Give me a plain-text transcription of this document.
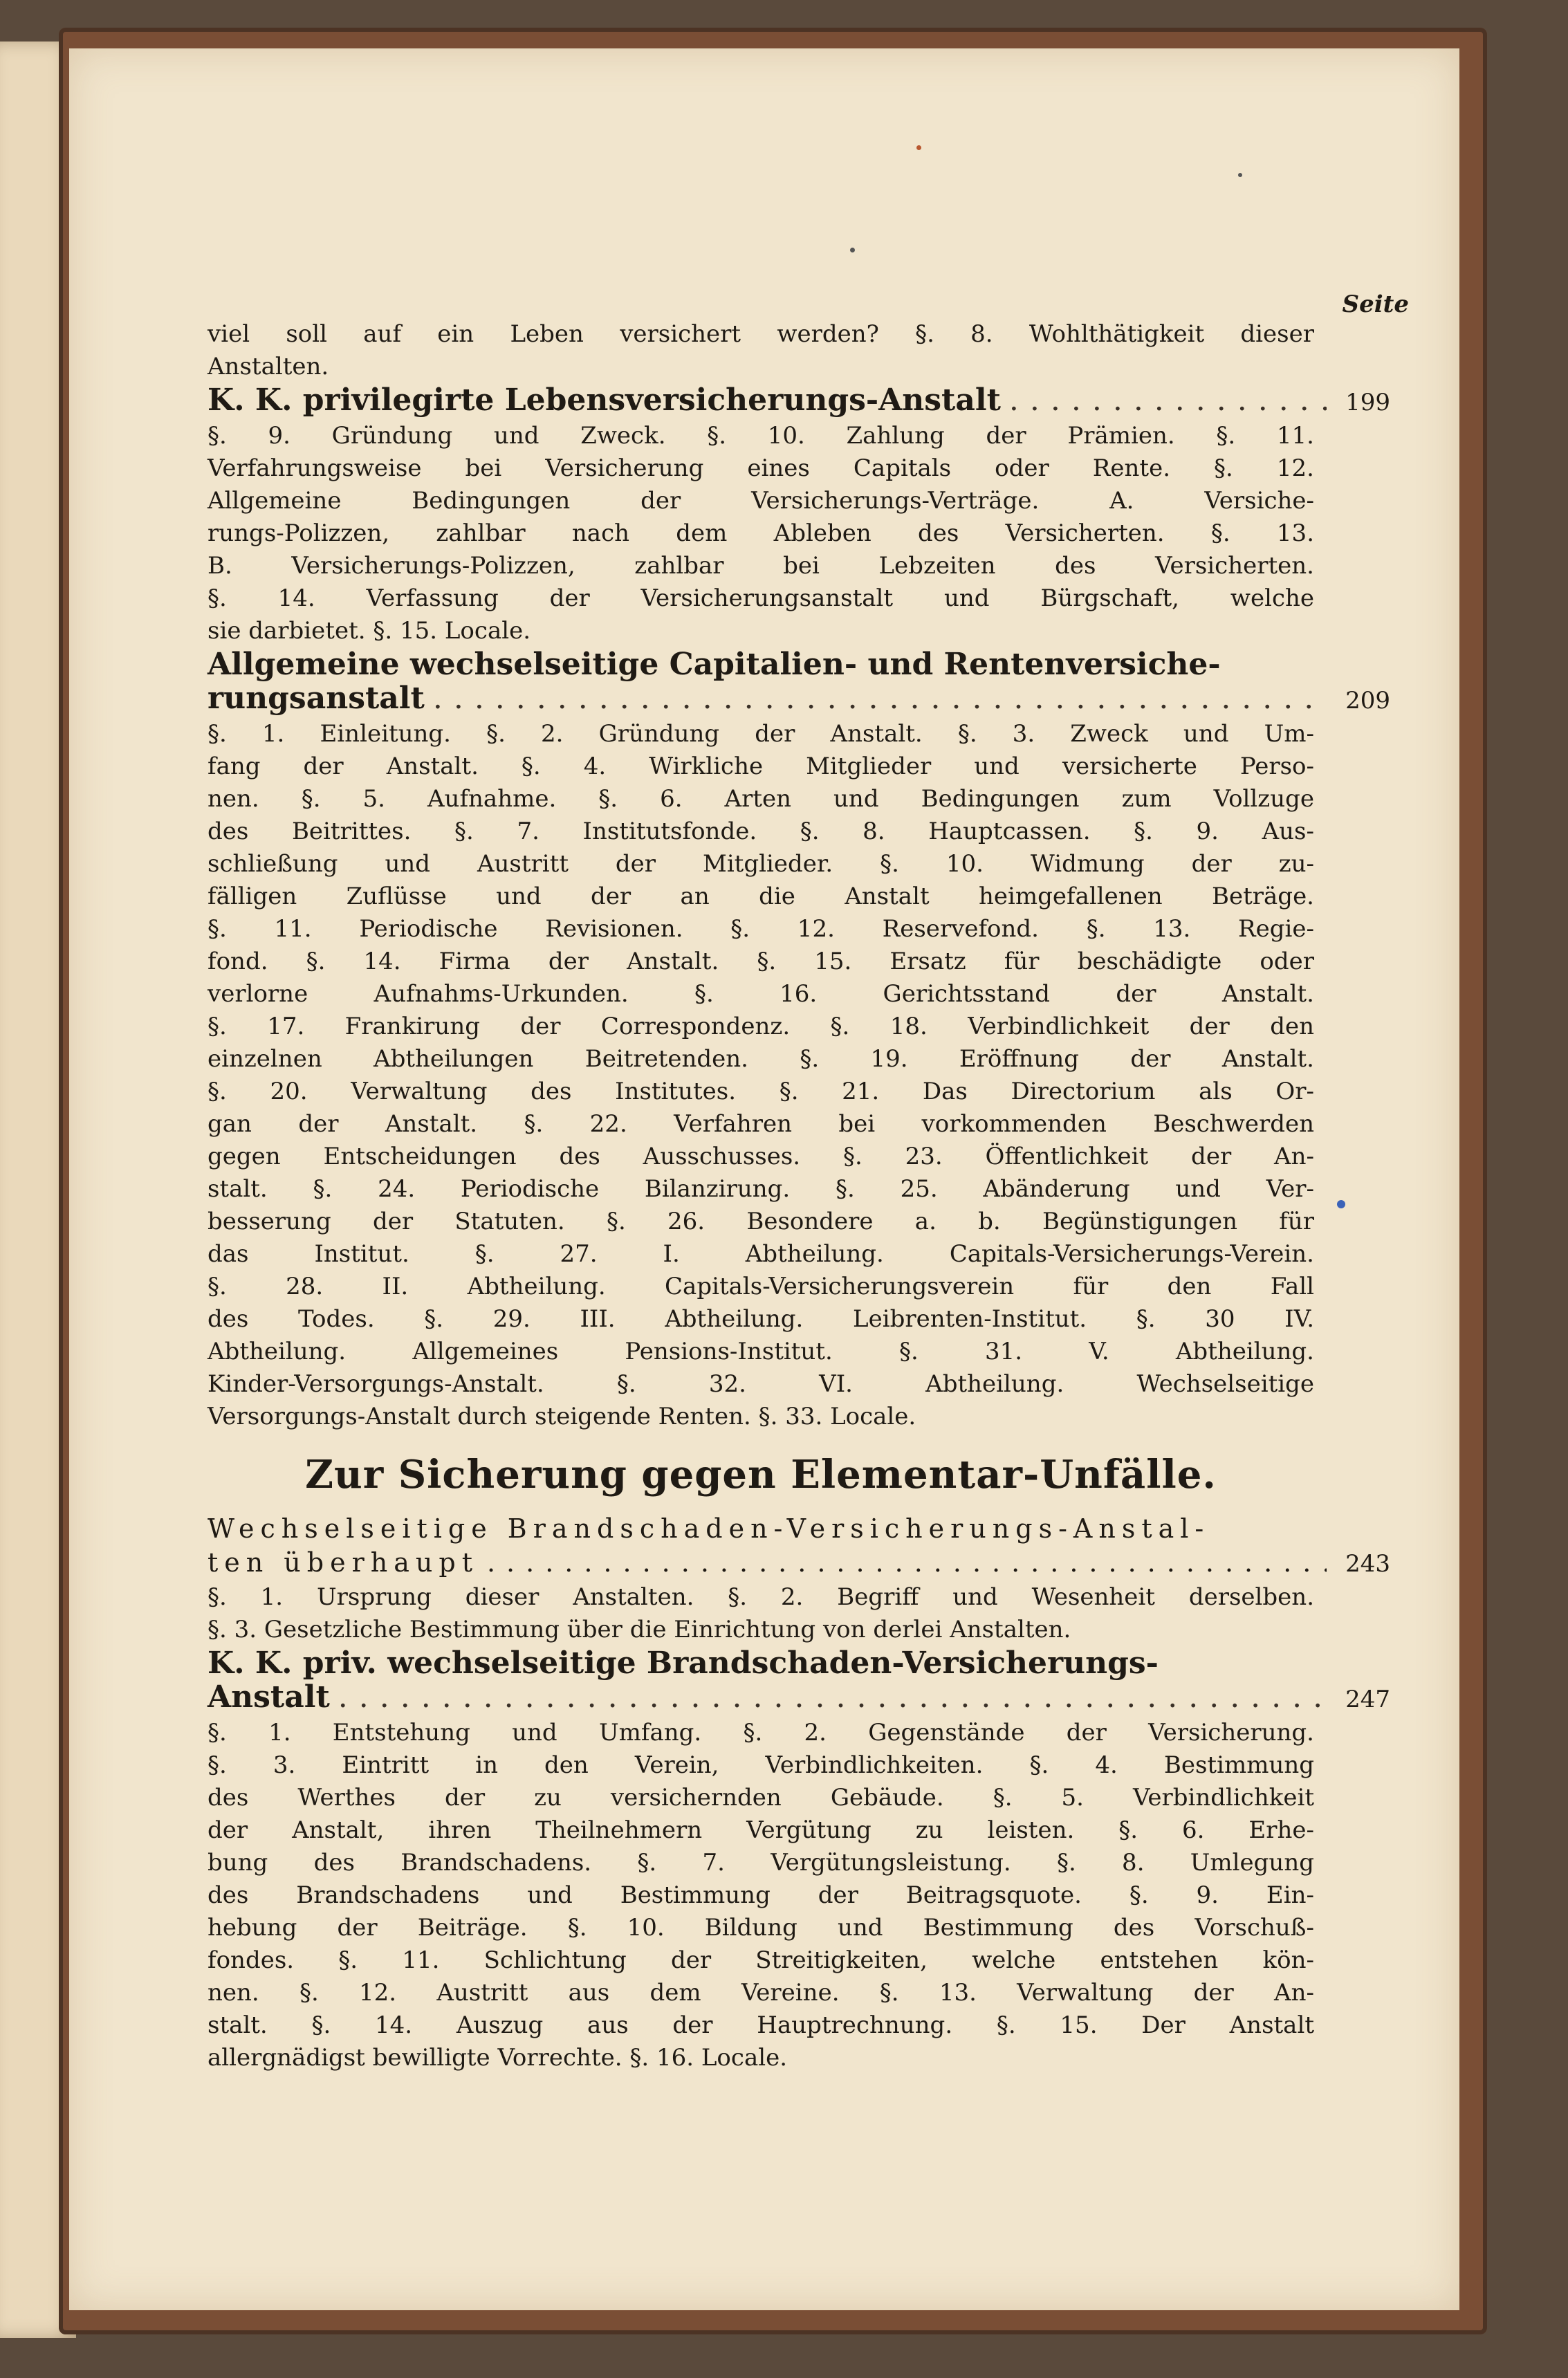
Seite
viel soll auf ein Leben versichert werden? §. 8. Wohlthätigkeit dieser
Anstalten.
K. K. privilegirte Lebensversicherungs-Anstalt .....	199
§. 9. Gründung und Zweck. §. 10. Zahlung der Prämien. §. 11.
Verfahrungsweise bei Versicherung eines Capitals oder Rente. §. 12.
Allgemeine Bedingungen der Versicherungs-Verträge. A. Versiche-
rungs-Polizzen, zahlbar nach dem Ableben des Versicherten. §. 13.
B. Versicherungs-Polizzen, zahlbar bei Lebzeiten des Versicherten.
§. 14. Verfassung der Versicherungsanstalt und Bürgschaft, welche
sie darbietet. §. 15. Locale.
Allgemeine wechselseitige Capitalien- und Rentenversiche-
rungsanstalt .....	209
§. 1. Einleitung. §. 2. Gründung der Anstalt. §. 3. Zweck und Um-
fang der Anstalt. §. 4. Wirkliche Mitglieder und versicherte Perso-
nen. §. 5. Aufnahme. §. 6. Arten und Bedingungen zum Vollzuge
des Beitrittes. §. 7. Institutsfonde. §. 8. Hauptcassen. §. 9. Aus-
schließung und Austritt der Mitglieder. §. 10. Widmung der zu-
fälligen Zuflüsse und der an die Anstalt heimgefallenen Beträge.
§. 11. Periodische Revisionen. §. 12. Reservefond. §. 13. Regie-
fond. §. 14. Firma der Anstalt. §. 15. Ersatz für beschädigte oder
verlorne Aufnahms-Urkunden. §. 16. Gerichtsstand der Anstalt.
§. 17. Frankirung der Correspondenz. §. 18. Verbindlichkeit der den
einzelnen Abtheilungen Beitretenden. §. 19. Eröffnung der Anstalt.
§. 20. Verwaltung des Institutes. §. 21. Das Directorium als Or-
gan der Anstalt. §. 22. Verfahren bei vorkommenden Beschwerden
gegen Entscheidungen des Ausschusses. §. 23. Öffentlichkeit der An-
stalt. §. 24. Periodische Bilanzirung. §. 25. Abänderung und Ver-
besserung der Statuten. §. 26. Besondere a. b. Begünstigungen für
das Institut. §. 27. I. Abtheilung. Capitals-Versicherungs-Verein.
§. 28. II. Abtheilung. Capitals-Versicherungsverein für den Fall
des Todes. §. 29. III. Abtheilung. Leibrenten-Institut. §. 30 IV.
Abtheilung. Allgemeines Pensions-Institut. §. 31. V. Abtheilung.
Kinder-Versorgungs-Anstalt. §. 32. VI. Abtheilung. Wechselseitige
Versorgungs-Anstalt durch steigende Renten. §. 33. Locale.
Zur Sicherung gegen Elementar-Unfälle.
Wechselseitige Brandschaden-Versicherungs-Anstal-
ten überhaupt .....	243
§. 1. Ursprung dieser Anstalten. §. 2. Begriff und Wesenheit derselben.
§. 3. Gesetzliche Bestimmung über die Einrichtung von derlei Anstalten.
K. K. priv. wechselseitige Brandschaden-Versicherungs-
Anstalt .....	247
§. 1. Entstehung und Umfang. §. 2. Gegenstände der Versicherung.
§. 3. Eintritt in den Verein, Verbindlichkeiten. §. 4. Bestimmung
des Werthes der zu versichernden Gebäude. §. 5. Verbindlichkeit
der Anstalt, ihren Theilnehmern Vergütung zu leisten. §. 6. Erhe-
bung des Brandschadens. §. 7. Vergütungsleistung. §. 8. Umlegung
des Brandschadens und Bestimmung der Beitragsquote. §. 9. Ein-
hebung der Beiträge. §. 10. Bildung und Bestimmung des Vorschuß-
fondes. §. 11. Schlichtung der Streitigkeiten, welche entstehen kön-
nen. §. 12. Austritt aus dem Vereine. §. 13. Verwaltung der An-
stalt. §. 14. Auszug aus der Hauptrechnung. §. 15. Der Anstalt
allergnädigst bewilligte Vorrechte. §. 16. Locale.
